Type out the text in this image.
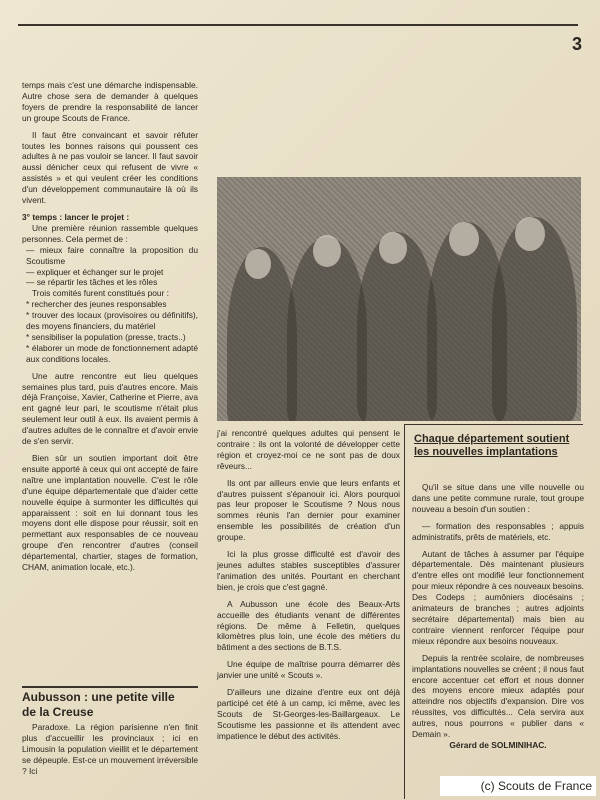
3

temps mais c'est une démarche indispensable. Autre chose sera de demander à quelques foyers de prendre la responsabilité de lancer un groupe Scouts de France.

Il faut être convaincant et savoir réfuter toutes les bonnes raisons qui poussent ces adultes à ne pas vouloir se lancer. Il faut savoir aussi dénicher ceux qui refusent de vivre « assistés » et qui veulent créer les conditions d'un développement communautaire là où ils vivent.

3° temps : lancer le projet :

Une première réunion rassemble quelques personnes. Cela permet de :

— mieux faire connaître la proposition du Scoutisme

— expliquer et échanger sur le projet

— se répartir les tâches et les rôles

Trois comités furent constitués pour :

* rechercher des jeunes responsables

* trouver des locaux (provisoires ou définitifs), des moyens financiers, du matériel

* sensibiliser la population (presse, tracts..)

* élaborer un mode de fonctionnement adapté aux conditions locales.

Une autre rencontre eut lieu quelques semaines plus tard, puis d'autres encore. Mais déjà Françoise, Xavier, Catherine et Pierre, ava ent gagné leur pari, le scoutisme n'était plus seulement leur outil à eux. Ils avaient permis à d'autres adultes de le connaître et d'avoir envie de s'en servir.

Bien sûr un soutien important doit être ensuite apporté à ceux qui ont accepté de faire naître une implantation nouvelle. C'est le rôle d'une équipe départementale que d'aider cette nouvelle équipe à surmonter les difficultés qui apparaissent : soit en lui donnant tous les moyens dont elle dispose pour réussir, soit en permettant aux responsables de ce nouveau groupe d'en rencontrer d'autres (conseil départemental, chartier, stages de formation, CHAM, animation locale, etc.).

Aubusson : une petite ville
de la Creuse

Paradoxe. La région parisienne n'en finit plus d'accueillir les provinciaux ; ici en Limousin la population vieillit et le département se dépeuple. Est-ce un mouvement irréversible ? Ici

j'ai rencontré quelques adultes qui pensent le contraire : ils ont la volonté de développer cette région et croyez-moi ce ne sont pas de doux rêveurs...

Ils ont par ailleurs envie que leurs enfants et d'autres puissent s'épanouir ici. Alors pourquoi pas leur proposer le Scoutisme ? Nous nous sommes réunis l'an dernier pour examiner ensemble les possibilités de création d'un groupe.

Ici la plus grosse difficulté est d'avoir des jeunes adultes stables susceptibles d'assurer l'animation des unités. Pourtant en cherchant bien, je crois que c'est gagné.

A Aubusson une école des Beaux-Arts accueille des étudiants venant de différentes régions. De même à Felletin, quelques kilomètres plus loin, une école des métiers du bâtiment a des sections de B.T.S.

Une équipe de maîtrise pourra démarrer dès janvier une unité « Scouts ».

D'ailleurs une dizaine d'entre eux ont déjà participé cet été à un camp, ici même, avec les Scouts de St-Georges-les-Baillargeaux. Le Scoutisme les passionne et ils attendent avec impatience le début des activités.

Chaque département soutient les nouvelles implantations

Qu'il se situe dans une ville nouvelle ou dans une petite commune rurale, tout groupe nouveau a besoin d'un soutien :

— formation des responsables ; appuis administratifs, prêts de matériels, etc.

Autant de tâches à assumer par l'équipe départementale. Dès maintenant plusieurs d'entre elles ont modifié leur fonctionnement pour mieux répondre à ces nouveaux besoins. Des Codeps ; aumôniers diocésains ; animateurs de branches ; autres adjoints secrétaire départemental) mais bien au contraire viennent renforcer l'équipe pour mieux répondre aux besoins nouveaux.

Depuis la rentrée scolaire, de nombreuses implantations nouvelles se créent ; il nous faut encore accentuer cet effort et nous donner des moyens encore mieux adaptés pour atteindre nos objectifs d'expansion. Dire vos réussites, vos difficultés... Cela servira aux autres, nous pourrons « publier dans « Demain ».

Gérard de SOLMINIHAC.

(c) Scouts de France
